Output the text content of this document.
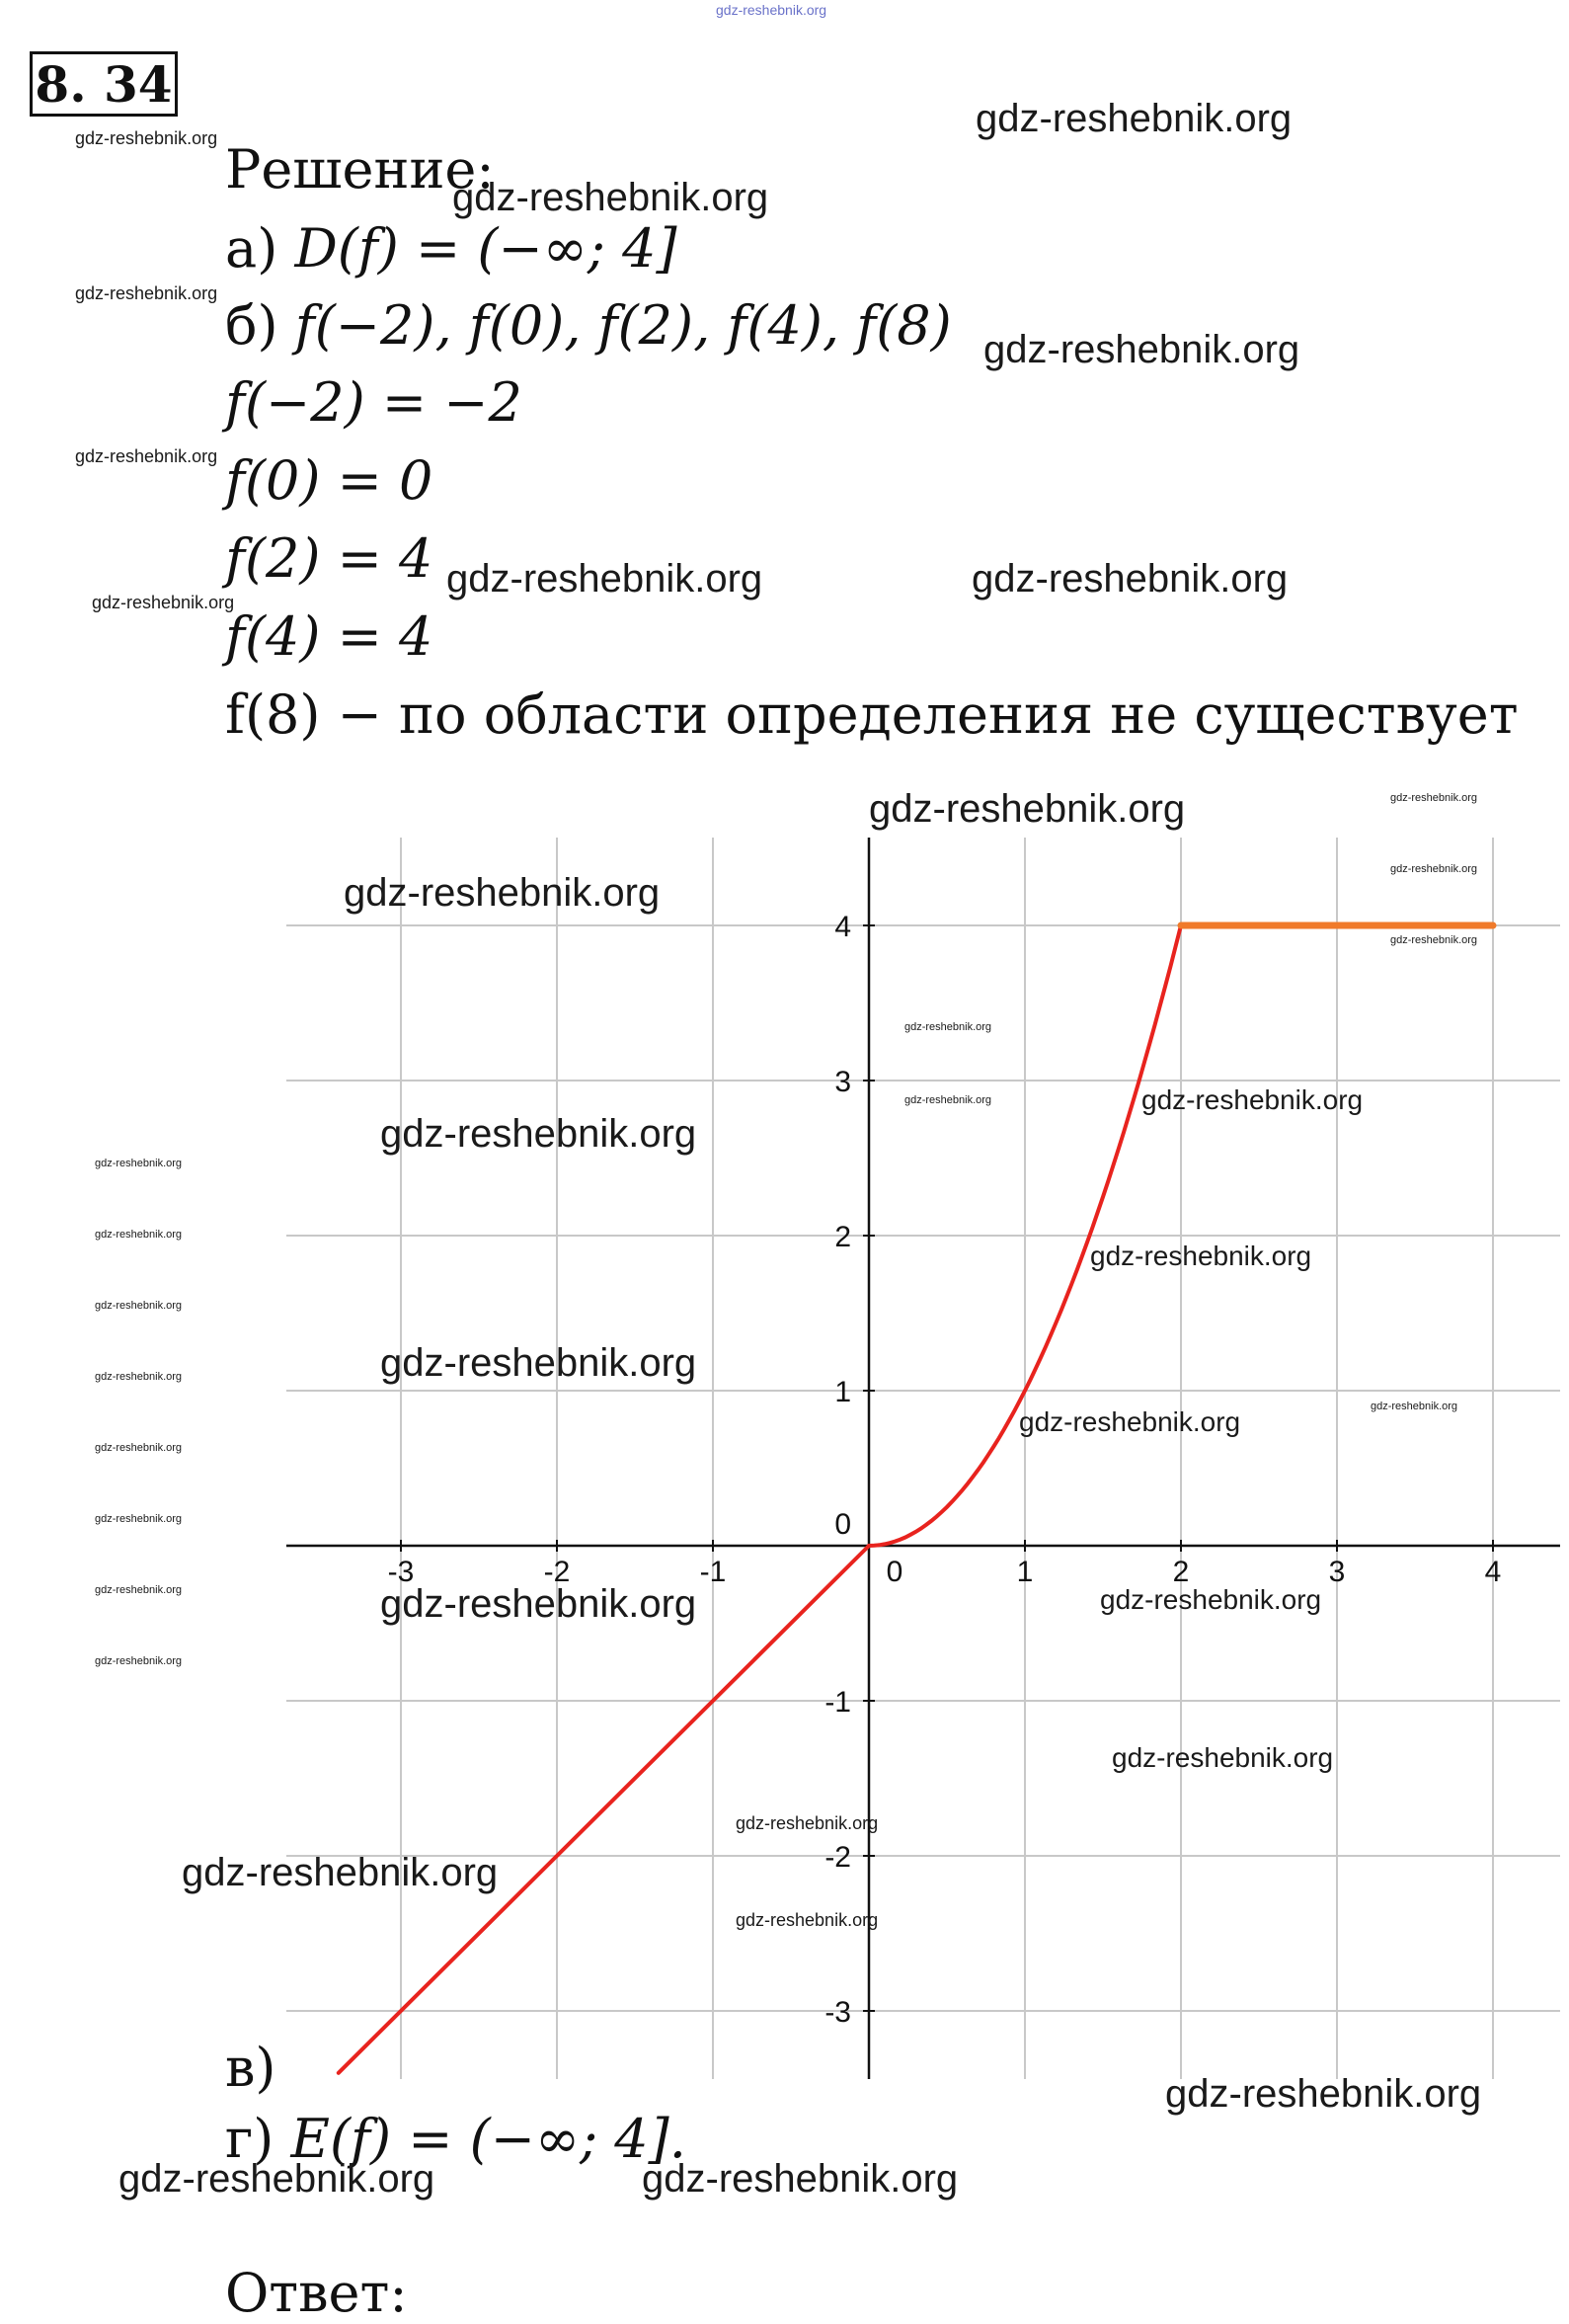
gdz-reshebnik.org
8. 34
Решение:
а) D(f) = (−∞; 4]
б) f(−2), f(0), f(2), f(4), f(8)
f(−2) = −2
f(0) = 0
f(2) = 4
f(4) = 4
f(8) − по области определения не существует
-3	-2	-1	1	2	3	4
0
-3
-2
-1
0
1
2
3
4
в)
г) E(f) = (−∞; 4].
Ответ:
gdz-reshebnik.org
gdz-reshebnik.org
gdz-reshebnik.org
gdz-reshebnik.org
gdz-reshebnik.org
gdz-reshebnik.org
gdz-reshebnik.org	gdz-reshebnik.org
gdz-reshebnik.org
gdz-reshebnik.org	gdz-reshebnik.org
gdz-reshebnik.org
gdz-reshebnik.org
gdz-reshebnik.org
gdz-reshebnik.org
gdz-reshebnik.org	gdz-reshebnik.org
gdz-reshebnik.org
gdz-reshebnik.org
gdz-reshebnik.org
gdz-reshebnik.org
gdz-reshebnik.org
gdz-reshebnik.org
gdz-reshebnik.org
gdz-reshebnik.org
gdz-reshebnik.org
gdz-reshebnik.org
gdz-reshebnik.org
gdz-reshebnik.org
gdz-reshebnik.org	gdz-reshebnik.org
gdz-reshebnik.org
gdz-reshebnik.org
gdz-reshebnik.org
gdz-reshebnik.org
gdz-reshebnik.org
gdz-reshebnik.org
gdz-reshebnik.org	gdz-reshebnik.org
